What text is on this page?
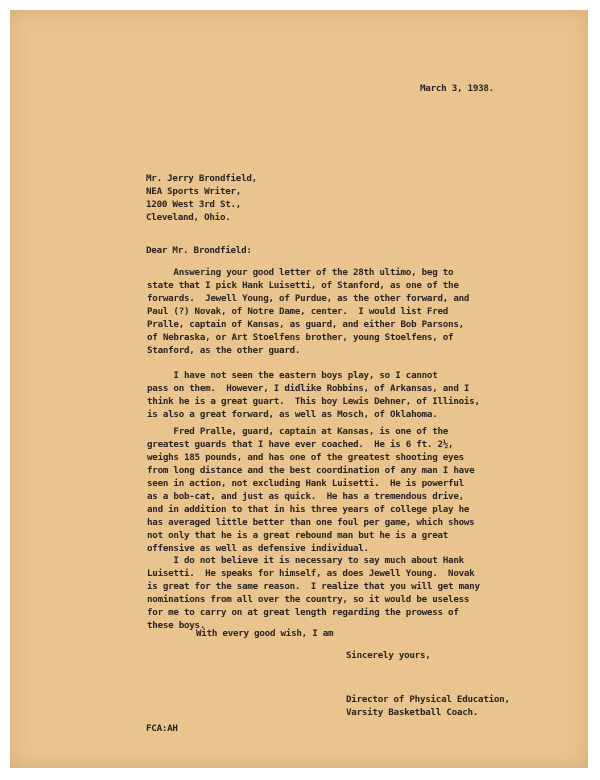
March 3, 1938.

Mr. Jerry Brondfield,
NEA Sports Writer,
1200 West 3rd St.,
Cleveland, Ohio.

Dear Mr. Brondfield:

Answering your good letter of the 28th ultimo, beg to
state that I pick Hank Luisetti, of Stanford, as one of the
forwards.  Jewell Young, of Purdue, as the other forward, and
Paul (?) Novak, of Notre Dame, center.  I would list Fred
Pralle, captain of Kansas, as guard, and either Bob Parsons,
of Nebraska, or Art Stoelfens brother, young Stoelfens, of
Stanford, as the other guard.
I have not seen the eastern boys play, so I cannot
pass on them.  However, I didlike Robbins, of Arkansas, and I
think he is a great guart.  This boy Lewis Dehner, of Illinois,
is also a great forward, as well as Mosch, of Oklahoma.
Fred Pralle, guard, captain at Kansas, is one of the
greatest guards that I have ever coached.  He is 6 ft. 2½,
weighs 185 pounds, and has one of the greatest shooting eyes
from long distance and the best coordination of any man I have
seen in action, not excluding Hank Luisetti.  He is powerful
as a bob-cat, and just as quick.  He has a tremendous drive,
and in addition to that in his three years of college play he
has averaged little better than one foul per game, which shows
not only that he is a great rebound man but he is a great
offensive as well as defensive individual.
I do not believe it is necessary to say much about Hank
Luisetti.  He speaks for himself, as does Jewell Young.  Novak
is great for the same reason.  I realize that you will get many
nominations from all over the country, so it would be useless
for me to carry on at great length regarding the prowess of
these boys.

With every good wish, I am

Sincerely yours,

Director of Physical Education,
Varsity Basketball Coach.

FCA:AH
